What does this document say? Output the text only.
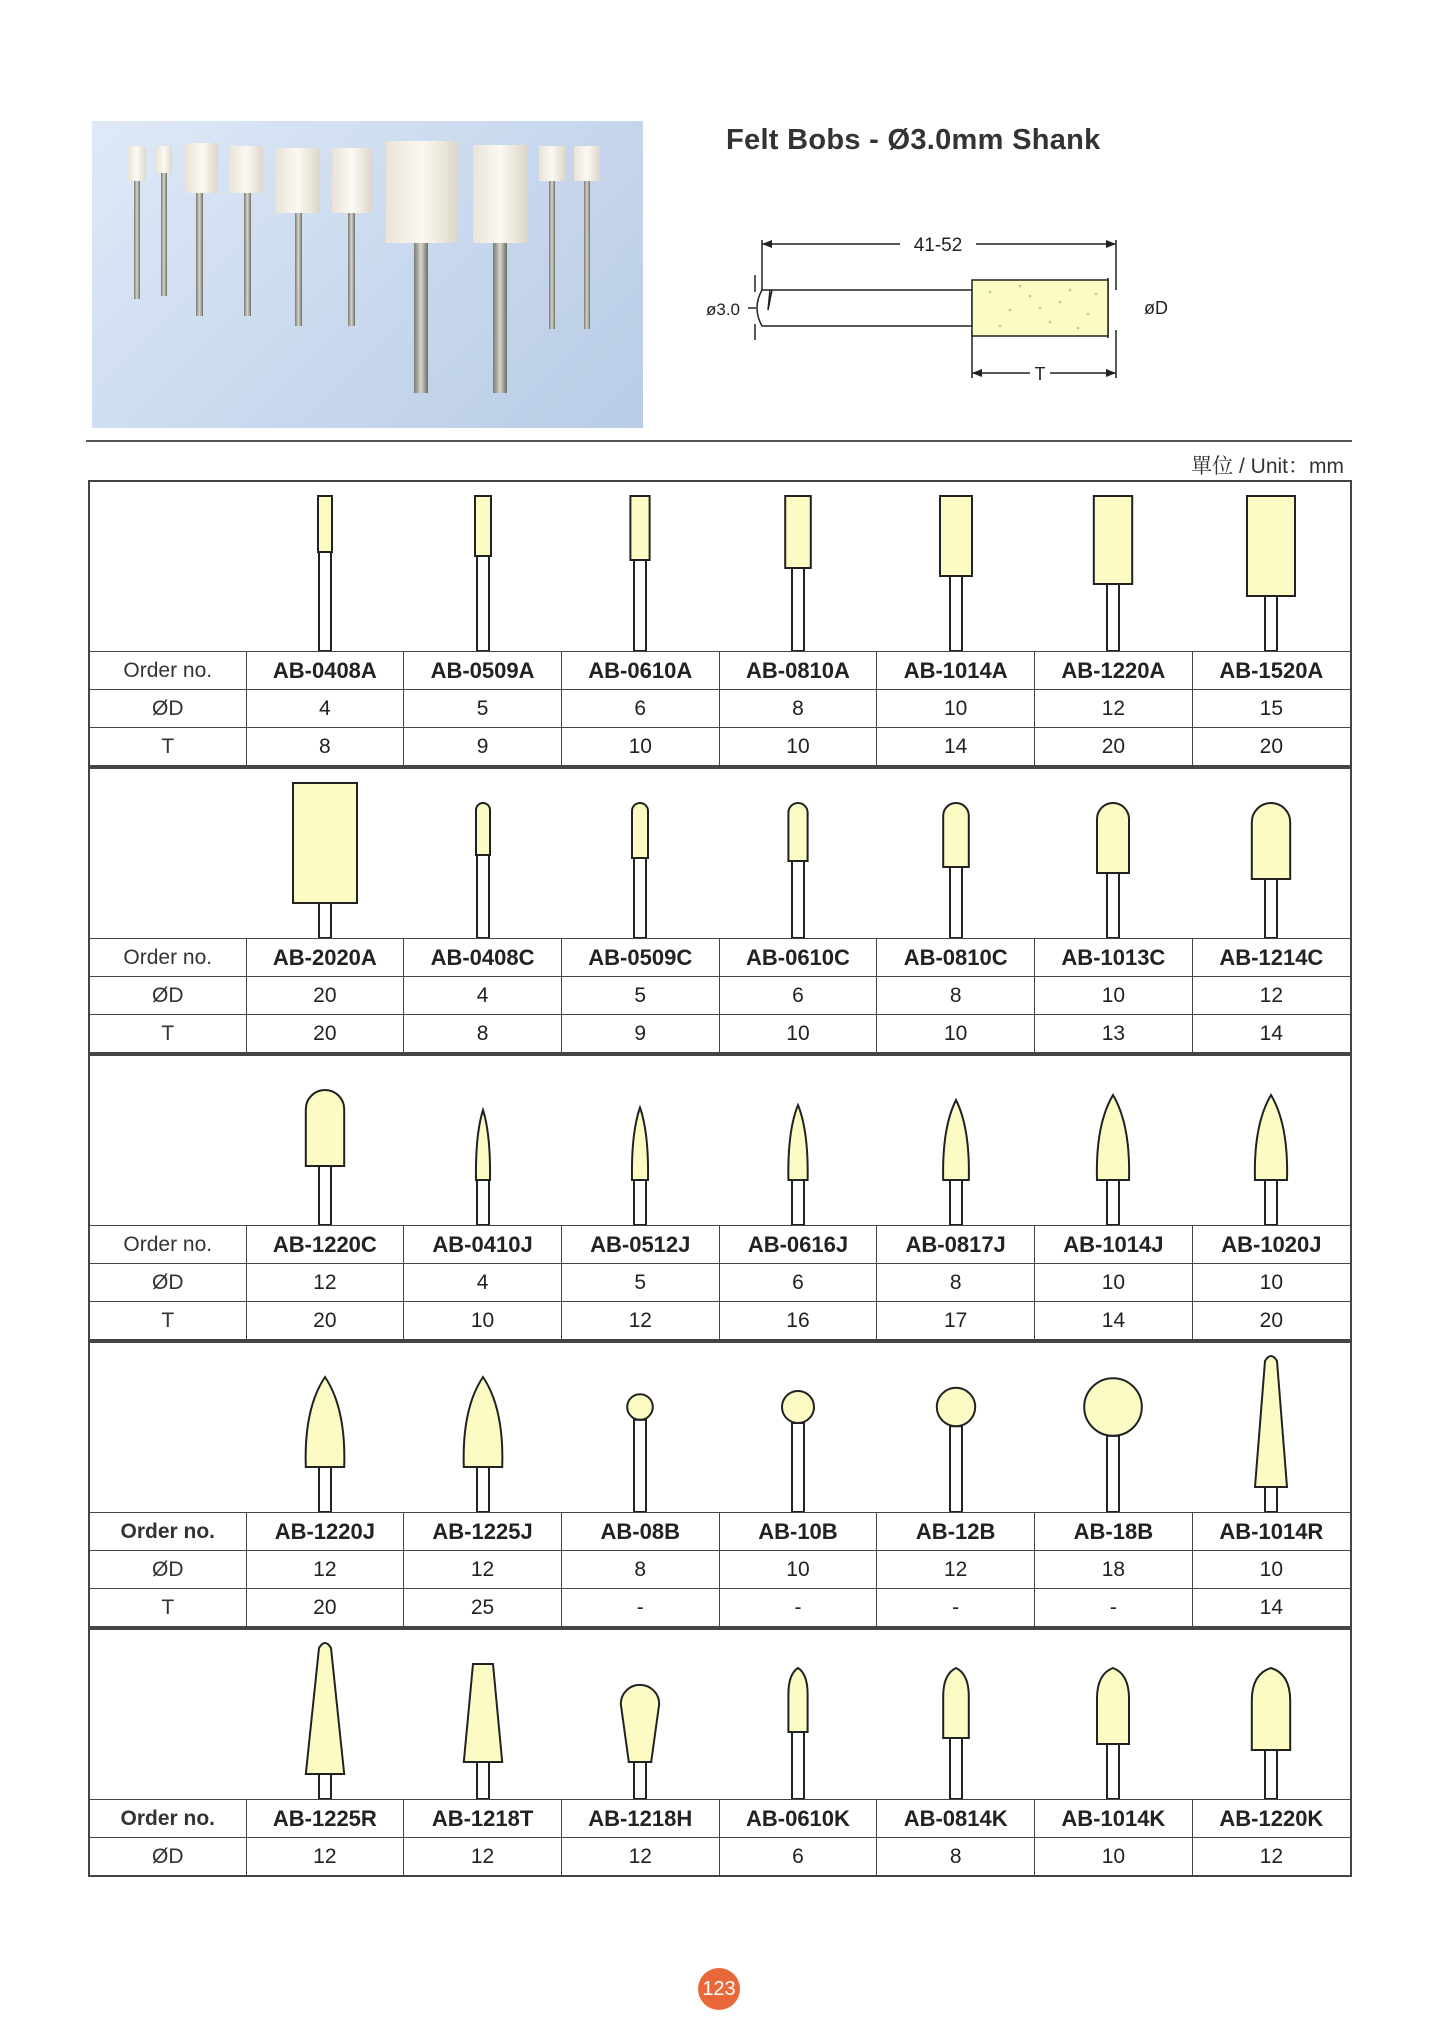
Felt Bobs - Ø3.0mm Shank
41-52
ø3.0	øD
T
單位 / Unit：mm

Order no.	AB-0408A	AB-0509A	AB-0610A	AB-0810A	AB-1014A	AB-1220A	AB-1520A
ØD	4	5	6	8	10	12	15
T	8	9	10	10	14	20	20

Order no.	AB-2020A	AB-0408C	AB-0509C	AB-0610C	AB-0810C	AB-1013C	AB-1214C
ØD	20	4	5	6	8	10	12
T	20	8	9	10	10	13	14

Order no.	AB-1220C	AB-0410J	AB-0512J	AB-0616J	AB-0817J	AB-1014J	AB-1020J
ØD	12	4	5	6	8	10	10
T	20	10	12	16	17	14	20

Order no.	AB-1220J	AB-1225J	AB-08B	AB-10B	AB-12B	AB-18B	AB-1014R
ØD	12	12	8	10	12	18	10
T	20	25	-	-	-	-	14

Order no.	AB-1225R	AB-1218T	AB-1218H	AB-0610K	AB-0814K	AB-1014K	AB-1220K
ØD	12	12	12	6	8	10	12
123
